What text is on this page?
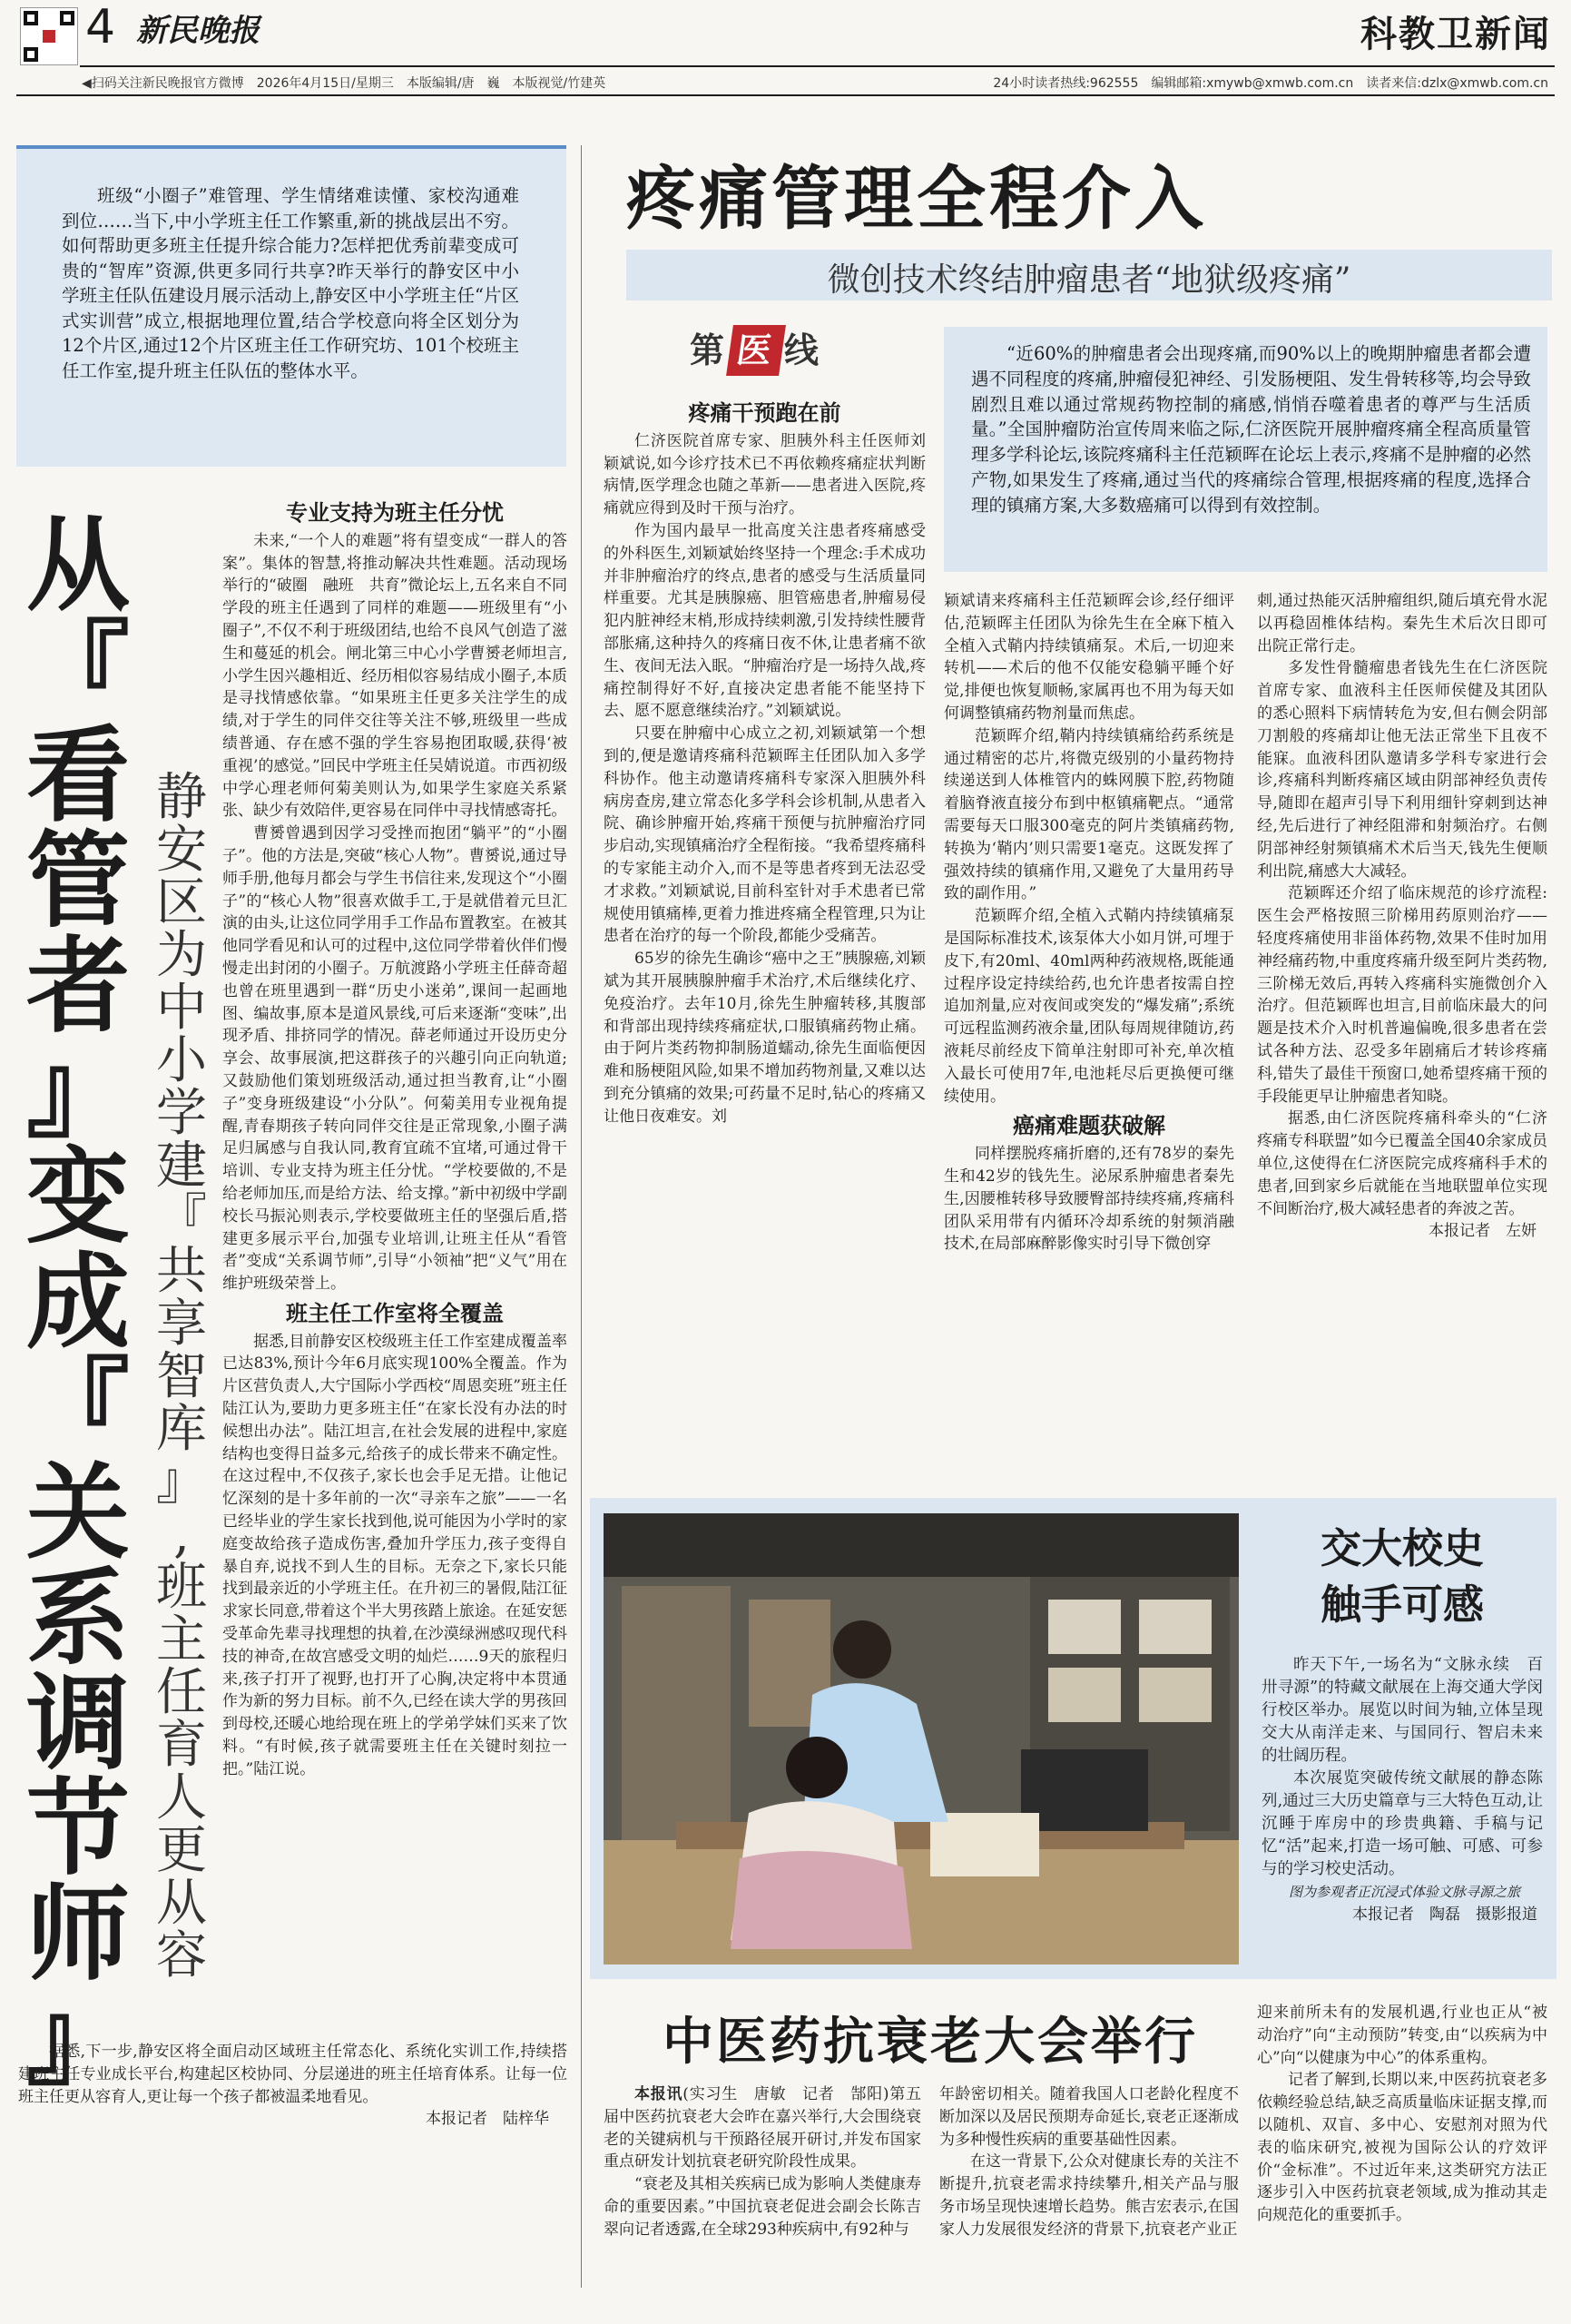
4 新民晚报	科教卫新闻
◀扫码关注新民晚报官方微博　2026年4月15日/星期三　本版编辑/唐　巍　本版视觉/竹建英	24小时读者热线:962555　编辑邮箱:xmywb@xmwb.com.cn　读者来信:dzlx@xmwb.com.cn

班级“小圈子”难管理、学生情绪难读懂、家校沟通难到位……当下,中小学班主任工作繁重,新的挑战层出不穷。如何帮助更多班主任提升综合能力?怎样把优秀前辈变成可贵的“智库”资源,供更多同行共享?昨天举行的静安区中小学班主任队伍建设月展示活动上,静安区中小学班主任“片区式实训营”成立,根据地理位置,结合学校意向将全区划分为12个片区,通过12个片区班主任工作研究坊、101个校班主任工作室,提升班主任队伍的整体水平。

从
『
看
管
者
』
变
成
『
关
系
调
节
师
』
静
安
区
为
中
小
学
建
『
共
享
智
库
』
,
班
主
任
育
人
更
从
容
专业支持为班主任分忧

未来,“一个人的难题”将有望变成“一群人的答案”。集体的智慧,将推动解决共性难题。活动现场举行的“破圈　融班　共育”微论坛上,五名来自不同学段的班主任遇到了同样的难题——班级里有“小圈子”,不仅不利于班级团结,也给不良风气创造了滋生和蔓延的机会。闸北第三中心小学曹赟老师坦言,小学生因兴趣相近、经历相似容易结成小圈子,本质是寻找情感依靠。“如果班主任更多关注学生的成绩,对于学生的同伴交往等关注不够,班级里一些成绩普通、存在感不强的学生容易抱团取暖,获得‘被重视’的感觉。”回民中学班主任吴婧说道。市西初级中学心理老师何菊美则认为,如果学生家庭关系紧张、缺少有效陪伴,更容易在同伴中寻找情感寄托。

曹赟曾遇到因学习受挫而抱团“躺平”的“小圈子”。他的方法是,突破“核心人物”。曹赟说,通过导师手册,他每月都会与学生书信往来,发现这个“小圈子”的“核心人物”很喜欢做手工,于是就借着元旦汇演的由头,让这位同学用手工作品布置教室。在被其他同学看见和认可的过程中,这位同学带着伙伴们慢慢走出封闭的小圈子。万航渡路小学班主任薛奇超也曾在班里遇到一群“历史小迷弟”,课间一起画地图、编故事,原本是道风景线,可后来逐渐“变味”,出现矛盾、排挤同学的情况。薛老师通过开设历史分享会、故事展演,把这群孩子的兴趣引向正向轨道;又鼓励他们策划班级活动,通过担当教育,让“小圈子”变身班级建设“小分队”。何菊美用专业视角提醒,青春期孩子转向同伴交往是正常现象,小圈子满足归属感与自我认同,教育宜疏不宜堵,可通过骨干培训、专业支持为班主任分忧。“学校要做的,不是给老师加压,而是给方法、给支撑。”新中初级中学副校长马振沁则表示,学校要做班主任的坚强后盾,搭建更多展示平台,加强专业培训,让班主任从“看管者”变成“关系调节师”,引导“小领袖”把“义气”用在维护班级荣誉上。

班主任工作室将全覆盖

据悉,目前静安区校级班主任工作室建成覆盖率已达83%,预计今年6月底实现100%全覆盖。作为片区营负责人,大宁国际小学西校“周恩奕班”班主任陆江认为,要助力更多班主任“在家长没有办法的时候想出办法”。陆江坦言,在社会发展的进程中,家庭结构也变得日益多元,给孩子的成长带来不确定性。在这过程中,不仅孩子,家长也会手足无措。让他记忆深刻的是十多年前的一次“寻亲车之旅”——一名已经毕业的学生家长找到他,说可能因为小学时的家庭变故给孩子造成伤害,叠加升学压力,孩子变得自暴自弃,说找不到人生的目标。无奈之下,家长只能找到最亲近的小学班主任。在升初三的暑假,陆江征求家长同意,带着这个半大男孩踏上旅途。在延安惩受革命先辈寻找理想的执着,在沙漠绿洲感叹现代科技的神奇,在故宫感受文明的灿烂……9天的旅程归来,孩子打开了视野,也打开了心胸,决定将中本贯通作为新的努力目标。前不久,已经在读大学的男孩回到母校,还暖心地给现在班上的学弟学妹们买来了饮料。“有时候,孩子就需要班主任在关键时刻拉一把。”陆江说。

据悉,下一步,静安区将全面启动区域班主任常态化、系统化实训工作,持续搭建班主任专业成长平台,构建起区校协同、分层递进的班主任培育体系。让每一位班主任更从容育人,更让每一个孩子都被温柔地看见。

本报记者　陆梓华
疼痛管理全程介入
微创技术终结肿瘤患者“地狱级疼痛”
第 医 线	“近60%的肿瘤患者会出现疼痛,而90%以上的晚期肿瘤患者都会遭遇不同程度的疼痛,肿瘤侵犯神经、引发肠梗阻、发生骨转移等,均会导致剧烈且难以通过常规药物控制的痛感,悄悄吞噬着患者的尊严与生活质量。”全国肿瘤防治宣传周来临之际,仁济医院开展肿瘤疼痛全程高质量管理多学科论坛,该院疼痛科主任范颖晖在论坛上表示,疼痛不是肿瘤的必然产物,如果发生了疼痛,通过当代的疼痛综合管理,根据疼痛的程度,选择合理的镇痛方案,大多数癌痛可以得到有效控制。

疼痛干预跑在前

仁济医院首席专家、胆胰外科主任医师刘颖斌说,如今诊疗技术已不再依赖疼痛症状判断病情,医学理念也随之革新——患者进入医院,疼痛就应得到及时干预与治疗。

作为国内最早一批高度关注患者疼痛感受的外科医生,刘颖斌始终坚持一个理念:手术成功并非肿瘤治疗的终点,患者的感受与生活质量同样重要。尤其是胰腺癌、胆管癌患者,肿瘤易侵犯内脏神经末梢,形成持续刺激,引发持续性腰背部胀痛,这种持久的疼痛日夜不休,让患者痛不欲生、夜间无法入眠。“肿瘤治疗是一场持久战,疼痛控制得好不好,直接决定患者能不能坚持下去、愿不愿意继续治疗。”刘颖斌说。

只要在肿瘤中心成立之初,刘颖斌第一个想到的,便是邀请疼痛科范颖晖主任团队加入多学科协作。他主动邀请疼痛科专家深入胆胰外科病房查房,建立常态化多学科会诊机制,从患者入院、确诊肿瘤开始,疼痛干预便与抗肿瘤治疗同步启动,实现镇痛治疗全程衔接。“我希望疼痛科的专家能主动介入,而不是等患者疼到无法忍受才求救。”刘颖斌说,目前科室针对手术患者已常规使用镇痛棒,更着力推进疼痛全程管理,只为让患者在治疗的每一个阶段,都能少受痛苦。

65岁的徐先生确诊“癌中之王”胰腺癌,刘颖斌为其开展胰腺肿瘤手术治疗,术后继续化疗、免疫治疗。去年10月,徐先生肿瘤转移,其腹部和背部出现持续疼痛症状,口服镇痛药物止痛。由于阿片类药物抑制肠道蠕动,徐先生面临便因难和肠梗阻风险,如果不增加药物剂量,又难以达到充分镇痛的效果;可药量不足时,钻心的疼痛又让他日夜难安。刘

颖斌请来疼痛科主任范颖晖会诊,经仔细评估,范颖晖主任团队为徐先生在全麻下植入全植入式鞘内持续镇痛泵。术后,一切迎来转机——术后的他不仅能安稳躺平睡个好觉,排便也恢复顺畅,家属再也不用为每天如何调整镇痛药物剂量而焦虑。

范颖晖介绍,鞘内持续镇痛给药系统是通过精密的芯片,将微克级别的小量药物持续递送到人体椎管内的蛛网膜下腔,药物随着脑脊液直接分布到中枢镇痛靶点。“通常需要每天口服300毫克的阿片类镇痛药物,转换为‘鞘内’则只需要1毫克。这既发挥了强效持续的镇痛作用,又避免了大量用药导致的副作用。”

范颖晖介绍,全植入式鞘内持续镇痛泵是国际标准技术,该泵体大小如月饼,可埋于皮下,有20ml、40ml两种药液规格,既能通过程序设定持续给药,也允许患者按需自控追加剂量,应对夜间或突发的“爆发痛”;系统可远程监测药液余量,团队每周规律随访,药液耗尽前经皮下简单注射即可补充,单次植入最长可使用7年,电池耗尽后更换便可继续使用。

癌痛难题获破解

同样摆脱疼痛折磨的,还有78岁的秦先生和42岁的钱先生。泌尿系肿瘤患者秦先生,因腰椎转移导致腰臀部持续疼痛,疼痛科团队采用带有内循环冷却系统的射频消融技术,在局部麻醉影像实时引导下微创穿

刺,通过热能灭活肿瘤组织,随后填充骨水泥以再稳固椎体结构。秦先生术后次日即可出院正常行走。

多发性骨髓瘤患者钱先生在仁济医院首席专家、血液科主任医师侯健及其团队的悉心照料下病情转危为安,但右侧会阴部刀割般的疼痛却让他无法正常坐下且夜不能寐。血液科团队邀请多学科专家进行会诊,疼痛科判断疼痛区域由阴部神经负责传导,随即在超声引导下利用细针穿刺到达神经,先后进行了神经阻滞和射频治疗。右侧阴部神经射频镇痛术术后当天,钱先生便顺利出院,痛感大大减轻。

范颖晖还介绍了临床规范的诊疗流程:医生会严格按照三阶梯用药原则治疗——轻度疼痛使用非甾体药物,效果不佳时加用神经痛药物,中重度疼痛升级至阿片类药物,三阶梯无效后,再转入疼痛科实施微创介入治疗。但范颖晖也坦言,目前临床最大的问题是技术介入时机普遍偏晚,很多患者在尝试各种方法、忍受多年剧痛后才转诊疼痛科,错失了最佳干预窗口,她希望疼痛干预的手段能更早让肿瘤患者知晓。

据悉,由仁济医院疼痛科牵头的“仁济疼痛专科联盟”如今已覆盖全国40余家成员单位,这使得在仁济医院完成疼痛科手术的患者,回到家乡后就能在当地联盟单位实现不间断治疗,极大减轻患者的奔波之苦。

本报记者　左妍
交大校史
触手可感

昨天下午,一场名为“文脉永续　百卅寻源”的特藏文献展在上海交通大学闵行校区举办。展览以时间为轴,立体呈现交大从南洋走来、与国同行、智启未来的壮阔历程。

本次展览突破传统文献展的静态陈列,通过三大历史篇章与三大特色互动,让沉睡于库房中的珍贵典籍、手稿与记忆“活”起来,打造一场可触、可感、可参与的学习校史活动。

图为参观者正沉浸式体验文脉寻源之旅

本报记者　陶磊　摄影报道
中医药抗衰老大会举行

本报讯(实习生　唐敏　记者　郜阳)第五届中医药抗衰老大会昨在嘉兴举行,大会围绕衰老的关键病机与干预路径展开研讨,并发布国家重点研发计划抗衰老研究阶段性成果。

“衰老及其相关疾病已成为影响人类健康寿命的重要因素。”中国抗衰老促进会副会长陈吉翠向记者透露,在全球293种疾病中,有92种与

年龄密切相关。随着我国人口老龄化程度不断加深以及居民预期寿命延长,衰老正逐渐成为多种慢性疾病的重要基础性因素。

在这一背景下,公众对健康长寿的关注不断提升,抗衰老需求持续攀升,相关产品与服务市场呈现快速增长趋势。熊吉宏表示,在国家人力发展很发经济的背景下,抗衰老产业正

迎来前所未有的发展机遇,行业也正从“被动治疗”向“主动预防”转变,由“以疾病为中心”向“以健康为中心”的体系重构。

记者了解到,长期以来,中医药抗衰老多依赖经验总结,缺乏高质量临床证据支撑,而以随机、双盲、多中心、安慰剂对照为代表的临床研究,被视为国际公认的疗效评价“金标准”。不过近年来,这类研究方法正逐步引入中医药抗衰老领域,成为推动其走向规范化的重要抓手。
